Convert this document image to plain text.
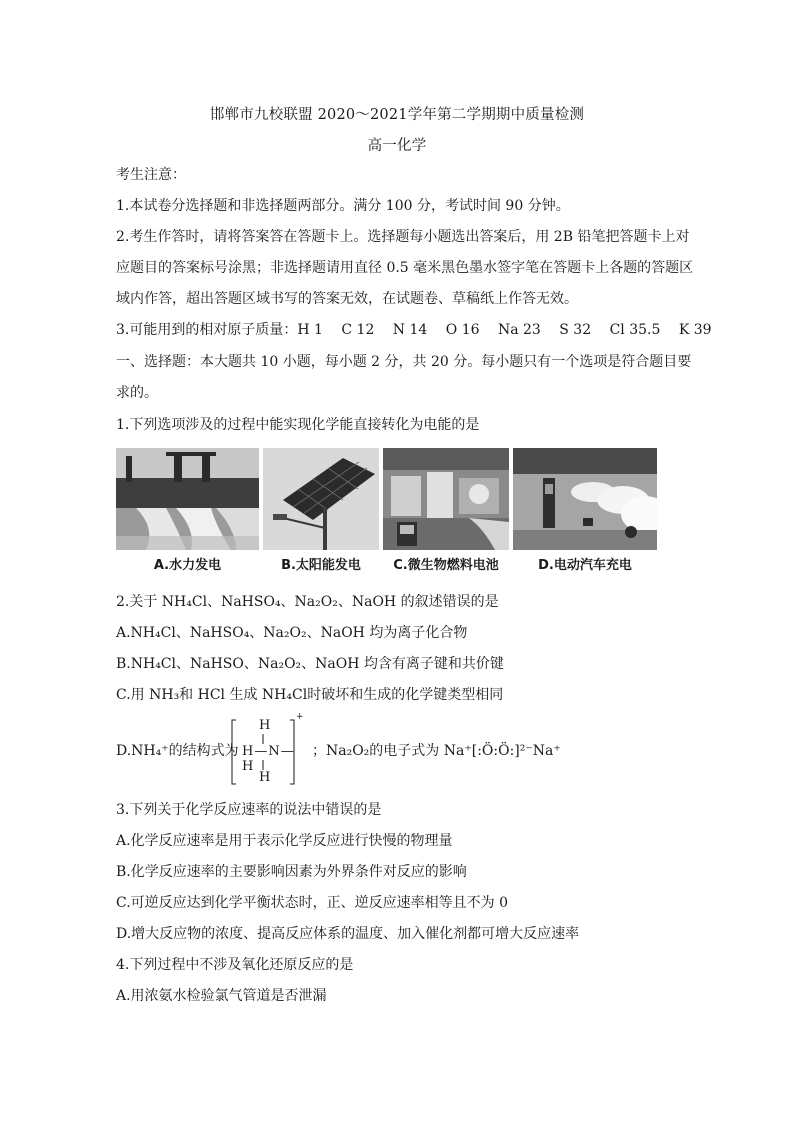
邯郸市九校联盟 2020～2021学年第二学期期中质量检测
高一化学
考生注意：
1.本试卷分选择题和非选择题两部分。满分 100 分，考试时间 90 分钟。
2.考生作答时，请将答案答在答题卡上。选择题每小题选出答案后，用 2B 铅笔把答题卡上对
应题目的答案标号涂黑；非选择题请用直径 0.5 毫米黑色墨水签字笔在答题卡上各题的答题区
域内作答，超出答题区域书写的答案无效，在试题卷、草稿纸上作答无效。
3.可能用到的相对原子质量：H 1　 C 12　 N 14　 O 16　 Na 23　 S 32　 Cl 35.5　 K 39
一、选择题：本大题共 10 小题，每小题 2 分，共 20 分。每小题只有一个选项是符合题目要
求的。
1.下列选项涉及的过程中能实现化学能直接转化为电能的是
A.水力发电	B.太阳能发电	C.微生物燃料电池	D.电动汽车充电
2.关于 NH₄Cl、NaHSO₄、Na₂O₂、NaOH 的叙述错误的是
A.NH₄Cl、NaHSO₄、Na₂O₂、NaOH 均为离子化合物
B.NH₄Cl、NaHSO、Na₂O₂、NaOH 均含有离子键和共价键
C.用 NH₃和 HCl 生成 NH₄Cl时破坏和生成的化学键类型相同
D.NH₄⁺的结构式为
H
H—N—H
H
+
；Na₂O₂的电子式为 Na⁺[:Ö:Ö:]²⁻Na⁺
3.下列关于化学反应速率的说法中错误的是
A.化学反应速率是用于表示化学反应进行快慢的物理量
B.化学反应速率的主要影响因素为外界条件对反应的影响
C.可逆反应达到化学平衡状态时，正、逆反应速率相等且不为 0
D.增大反应物的浓度、提高反应体系的温度、加入催化剂都可增大反应速率
4.下列过程中不涉及氧化还原反应的是
A.用浓氨水检验氯气管道是否泄漏
